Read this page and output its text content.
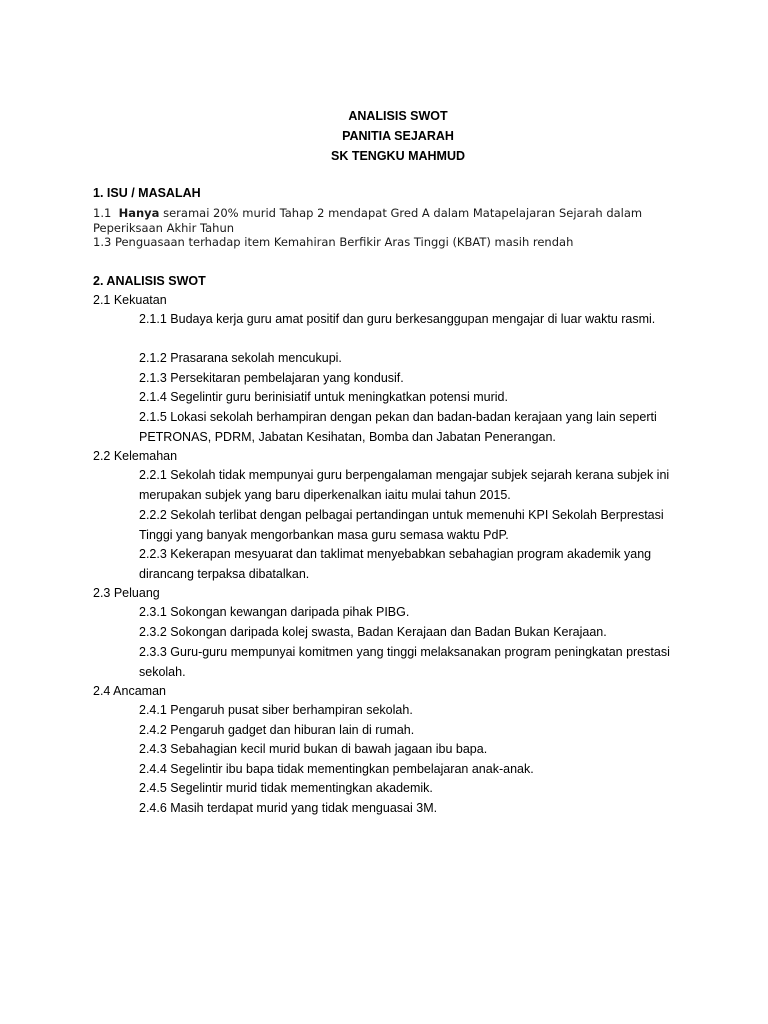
ANALISIS SWOT
PANITIA SEJARAH
SK TENGKU MAHMUD
1. ISU / MASALAH
1.1 Hanya seramai 20% murid Tahap 2 mendapat Gred A dalam Matapelajaran Sejarah dalam Peperiksaan Akhir Tahun
1.3 Penguasaan terhadap item Kemahiran Berfikir Aras Tinggi (KBAT) masih rendah
2. ANALISIS SWOT
2.1 Kekuatan
2.1.1 Budaya kerja guru amat positif dan guru berkesanggupan mengajar di luar waktu rasmi.
2.1.2 Prasarana sekolah mencukupi.
2.1.3 Persekitaran pembelajaran yang kondusif.
2.1.4 Segelintir guru berinisiatif untuk meningkatkan potensi murid.
2.1.5 Lokasi sekolah berhampiran dengan pekan dan badan-badan kerajaan yang lain seperti PETRONAS, PDRM, Jabatan Kesihatan, Bomba dan Jabatan Penerangan.
2.2 Kelemahan
2.2.1 Sekolah tidak mempunyai guru berpengalaman mengajar subjek sejarah kerana subjek ini merupakan subjek yang baru diperkenalkan iaitu mulai tahun 2015.
2.2.2 Sekolah terlibat dengan pelbagai pertandingan untuk memenuhi KPI Sekolah Berprestasi Tinggi yang banyak mengorbankan masa guru semasa waktu PdP.
2.2.3 Kekerapan mesyuarat dan taklimat menyebabkan sebahagian program akademik yang dirancang terpaksa dibatalkan.
2.3 Peluang
2.3.1 Sokongan kewangan daripada pihak PIBG.
2.3.2 Sokongan daripada kolej swasta, Badan Kerajaan dan Badan Bukan Kerajaan.
2.3.3 Guru-guru mempunyai komitmen yang tinggi melaksanakan program peningkatan prestasi sekolah.
2.4 Ancaman
2.4.1 Pengaruh pusat siber berhampiran sekolah.
2.4.2 Pengaruh gadget dan hiburan lain di rumah.
2.4.3 Sebahagian kecil murid bukan di bawah jagaan ibu bapa.
2.4.4 Segelintir ibu bapa tidak mementingkan pembelajaran anak-anak.
2.4.5 Segelintir murid tidak mementingkan akademik.
2.4.6 Masih terdapat murid yang tidak menguasai 3M.
